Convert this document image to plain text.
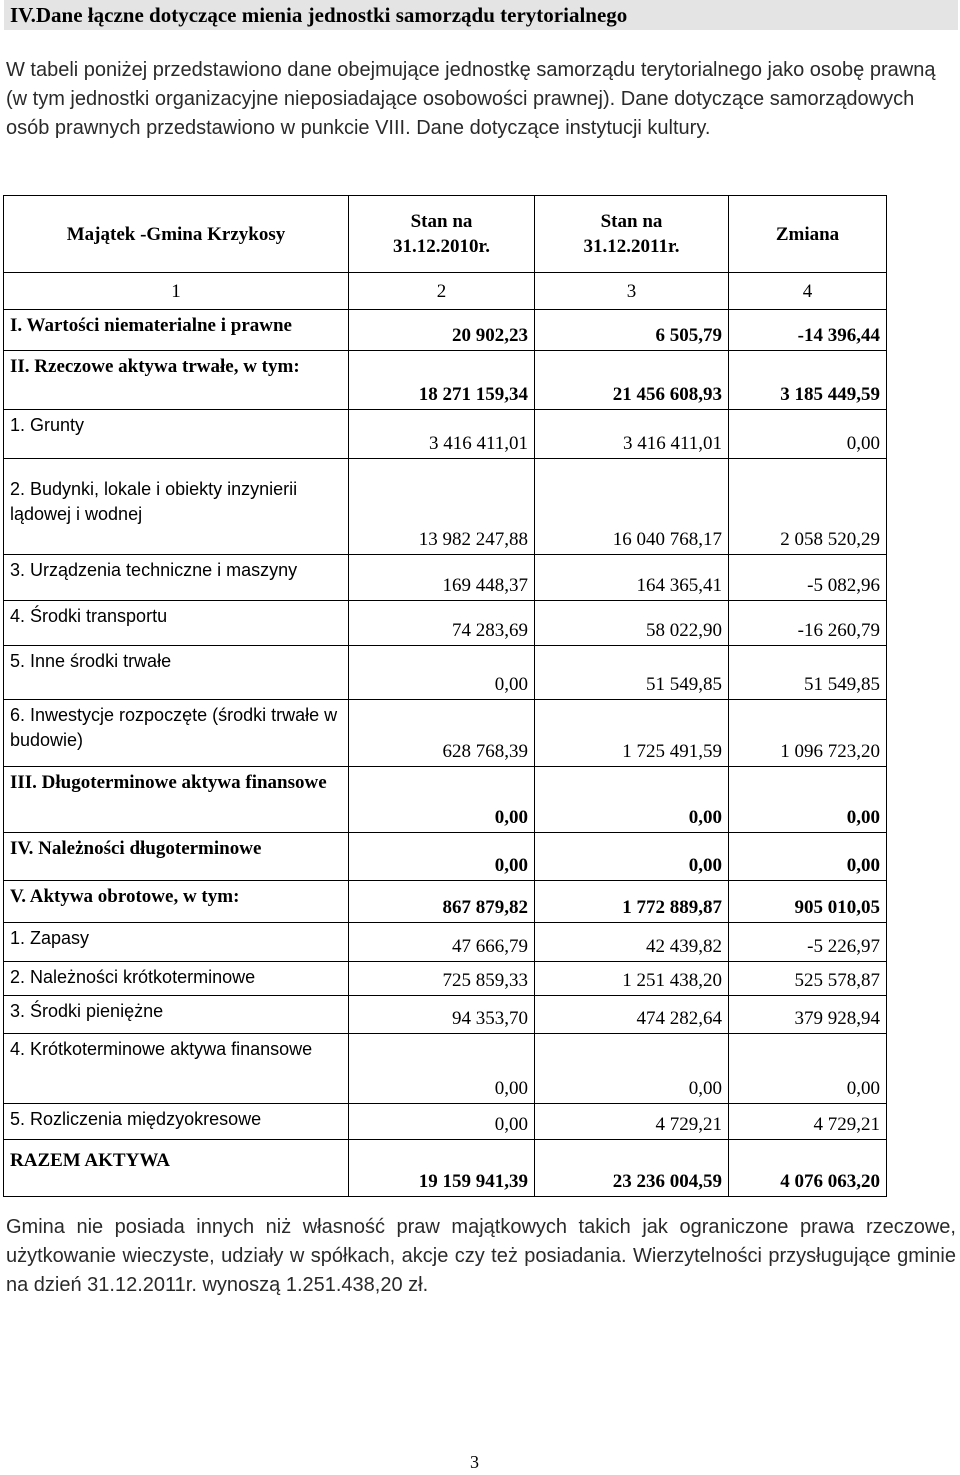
IV.Dane łączne dotyczące mienia jednostki samorządu terytorialnego

W tabeli poniżej przedstawiono dane obejmujące jednostkę samorządu terytorialnego jako osobę prawną (w tym jednostki organizacyjne nieposiadające osobowości prawnej). Dane dotyczące samorządowych osób prawnych przedstawiono w punkcie VIII. Dane dotyczące instytucji kultury.

Majątek -Gmina Krzykosy	Stan na 31.12.2010r.	Stan na 31.12.2011r.	Zmiana
1	2	3	4
I. Wartości niematerialne i prawne	20 902,23	6 505,79	-14 396,44
II. Rzeczowe aktywa trwałe, w tym:	18 271 159,34	21 456 608,93	3 185 449,59
1. Grunty	3 416 411,01	3 416 411,01	0,00
2. Budynki, lokale i obiekty inzynierii lądowej i wodnej	13 982 247,88	16 040 768,17	2 058 520,29
3. Urządzenia techniczne i maszyny	169 448,37	164 365,41	-5 082,96
4. Środki transportu	74 283,69	58 022,90	-16 260,79
5. Inne środki trwałe	0,00	51 549,85	51 549,85
6. Inwestycje rozpoczęte (środki trwałe w budowie)	628 768,39	1 725 491,59	1 096 723,20
III. Długoterminowe aktywa finansowe	0,00	0,00	0,00
IV. Należności długoterminowe	0,00	0,00	0,00
V. Aktywa obrotowe, w tym:	867 879,82	1 772 889,87	905 010,05
1. Zapasy	47 666,79	42 439,82	-5 226,97
2. Należności krótkoterminowe	725 859,33	1 251 438,20	525 578,87
3. Środki pieniężne	94 353,70	474 282,64	379 928,94
4. Krótkoterminowe aktywa finansowe	0,00	0,00	0,00
5. Rozliczenia międzyokresowe	0,00	4 729,21	4 729,21
RAZEM AKTYWA	19 159 941,39	23 236 004,59	4 076 063,20

Gmina nie posiada innych niż własność praw majątkowych takich jak ograniczone prawa rzeczowe, użytkowanie wieczyste, udziały w spółkach, akcje czy też posiadania. Wierzytelności przysługujące gminie na dzień 31.12.2011r. wynoszą 1.251.438,20 zł.

3
